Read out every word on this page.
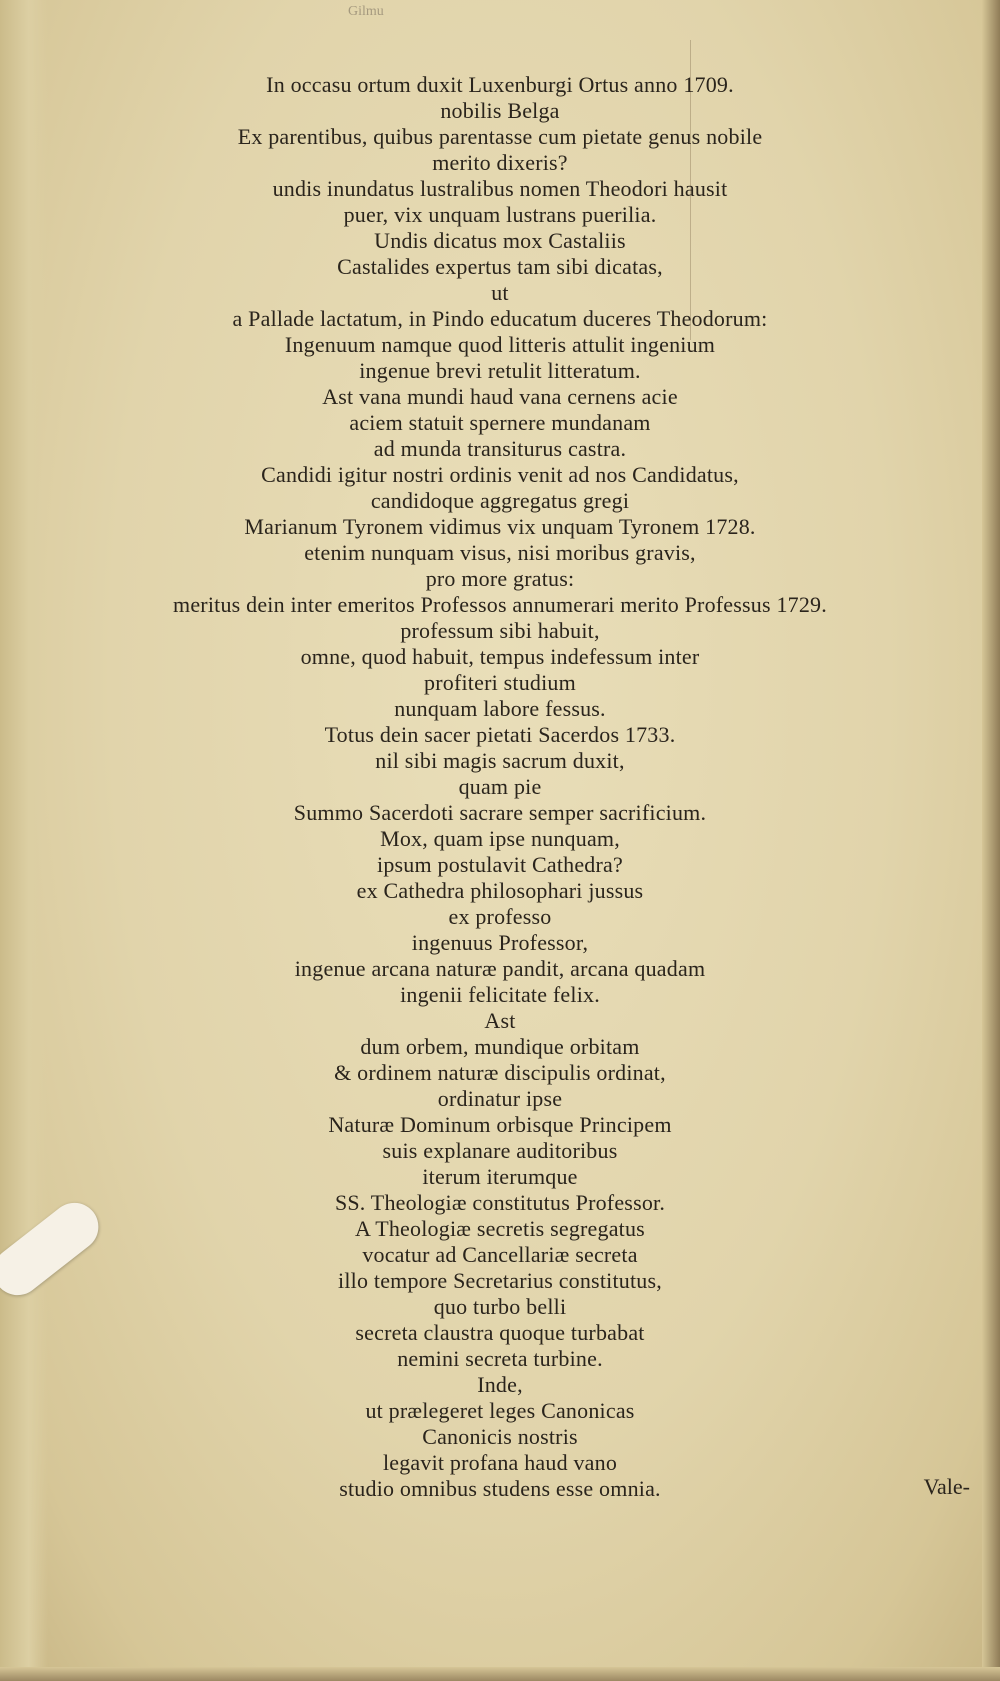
Gilmu
In occasu ortum duxit Luxenburgi Ortus anno 1709.
nobilis Belga
Ex parentibus, quibus parentasse cum pietate genus nobile
merito dixeris?
undis inundatus lustralibus nomen Theodori hausit
puer, vix unquam lustrans puerilia.
Undis dicatus mox Castaliis
Castalides expertus tam sibi dicatas,
ut
a Pallade lactatum, in Pindo educatum duceres Theodorum:
Ingenuum namque quod litteris attulit ingenium
ingenue brevi retulit litteratum.
Ast vana mundi haud vana cernens acie
aciem statuit spernere mundanam
ad munda transiturus castra.
Candidi igitur nostri ordinis venit ad nos Candidatus,
candidoque aggregatus gregi
Marianum Tyronem vidimus vix unquam Tyronem 1728.
etenim nunquam visus, nisi moribus gravis,
pro more gratus:
meritus dein inter emeritos Professos annumerari merito Professus 1729.
professum sibi habuit,
omne, quod habuit, tempus indefessum inter
profiteri studium
nunquam labore fessus.
Totus dein sacer pietati Sacerdos 1733.
nil sibi magis sacrum duxit,
quam pie
Summo Sacerdoti sacrare semper sacrificium.
Mox, quam ipse nunquam,
ipsum postulavit Cathedra?
ex Cathedra philosophari jussus
ex professo
ingenuus Professor,
ingenue arcana naturæ pandit, arcana quadam
ingenii felicitate felix.
Ast
dum orbem, mundique orbitam
& ordinem naturæ discipulis ordinat,
ordinatur ipse
Naturæ Dominum orbisque Principem
suis explanare auditoribus
iterum iterumque
SS. Theologiæ constitutus Professor.
A Theologiæ secretis segregatus
vocatur ad Cancellariæ secreta
illo tempore Secretarius constitutus,
quo turbo belli
secreta claustra quoque turbabat
nemini secreta turbine.
Inde,
ut prælegeret leges Canonicas
Canonicis nostris
legavit profana haud vano
studio omnibus studens esse omnia.	Vale-
